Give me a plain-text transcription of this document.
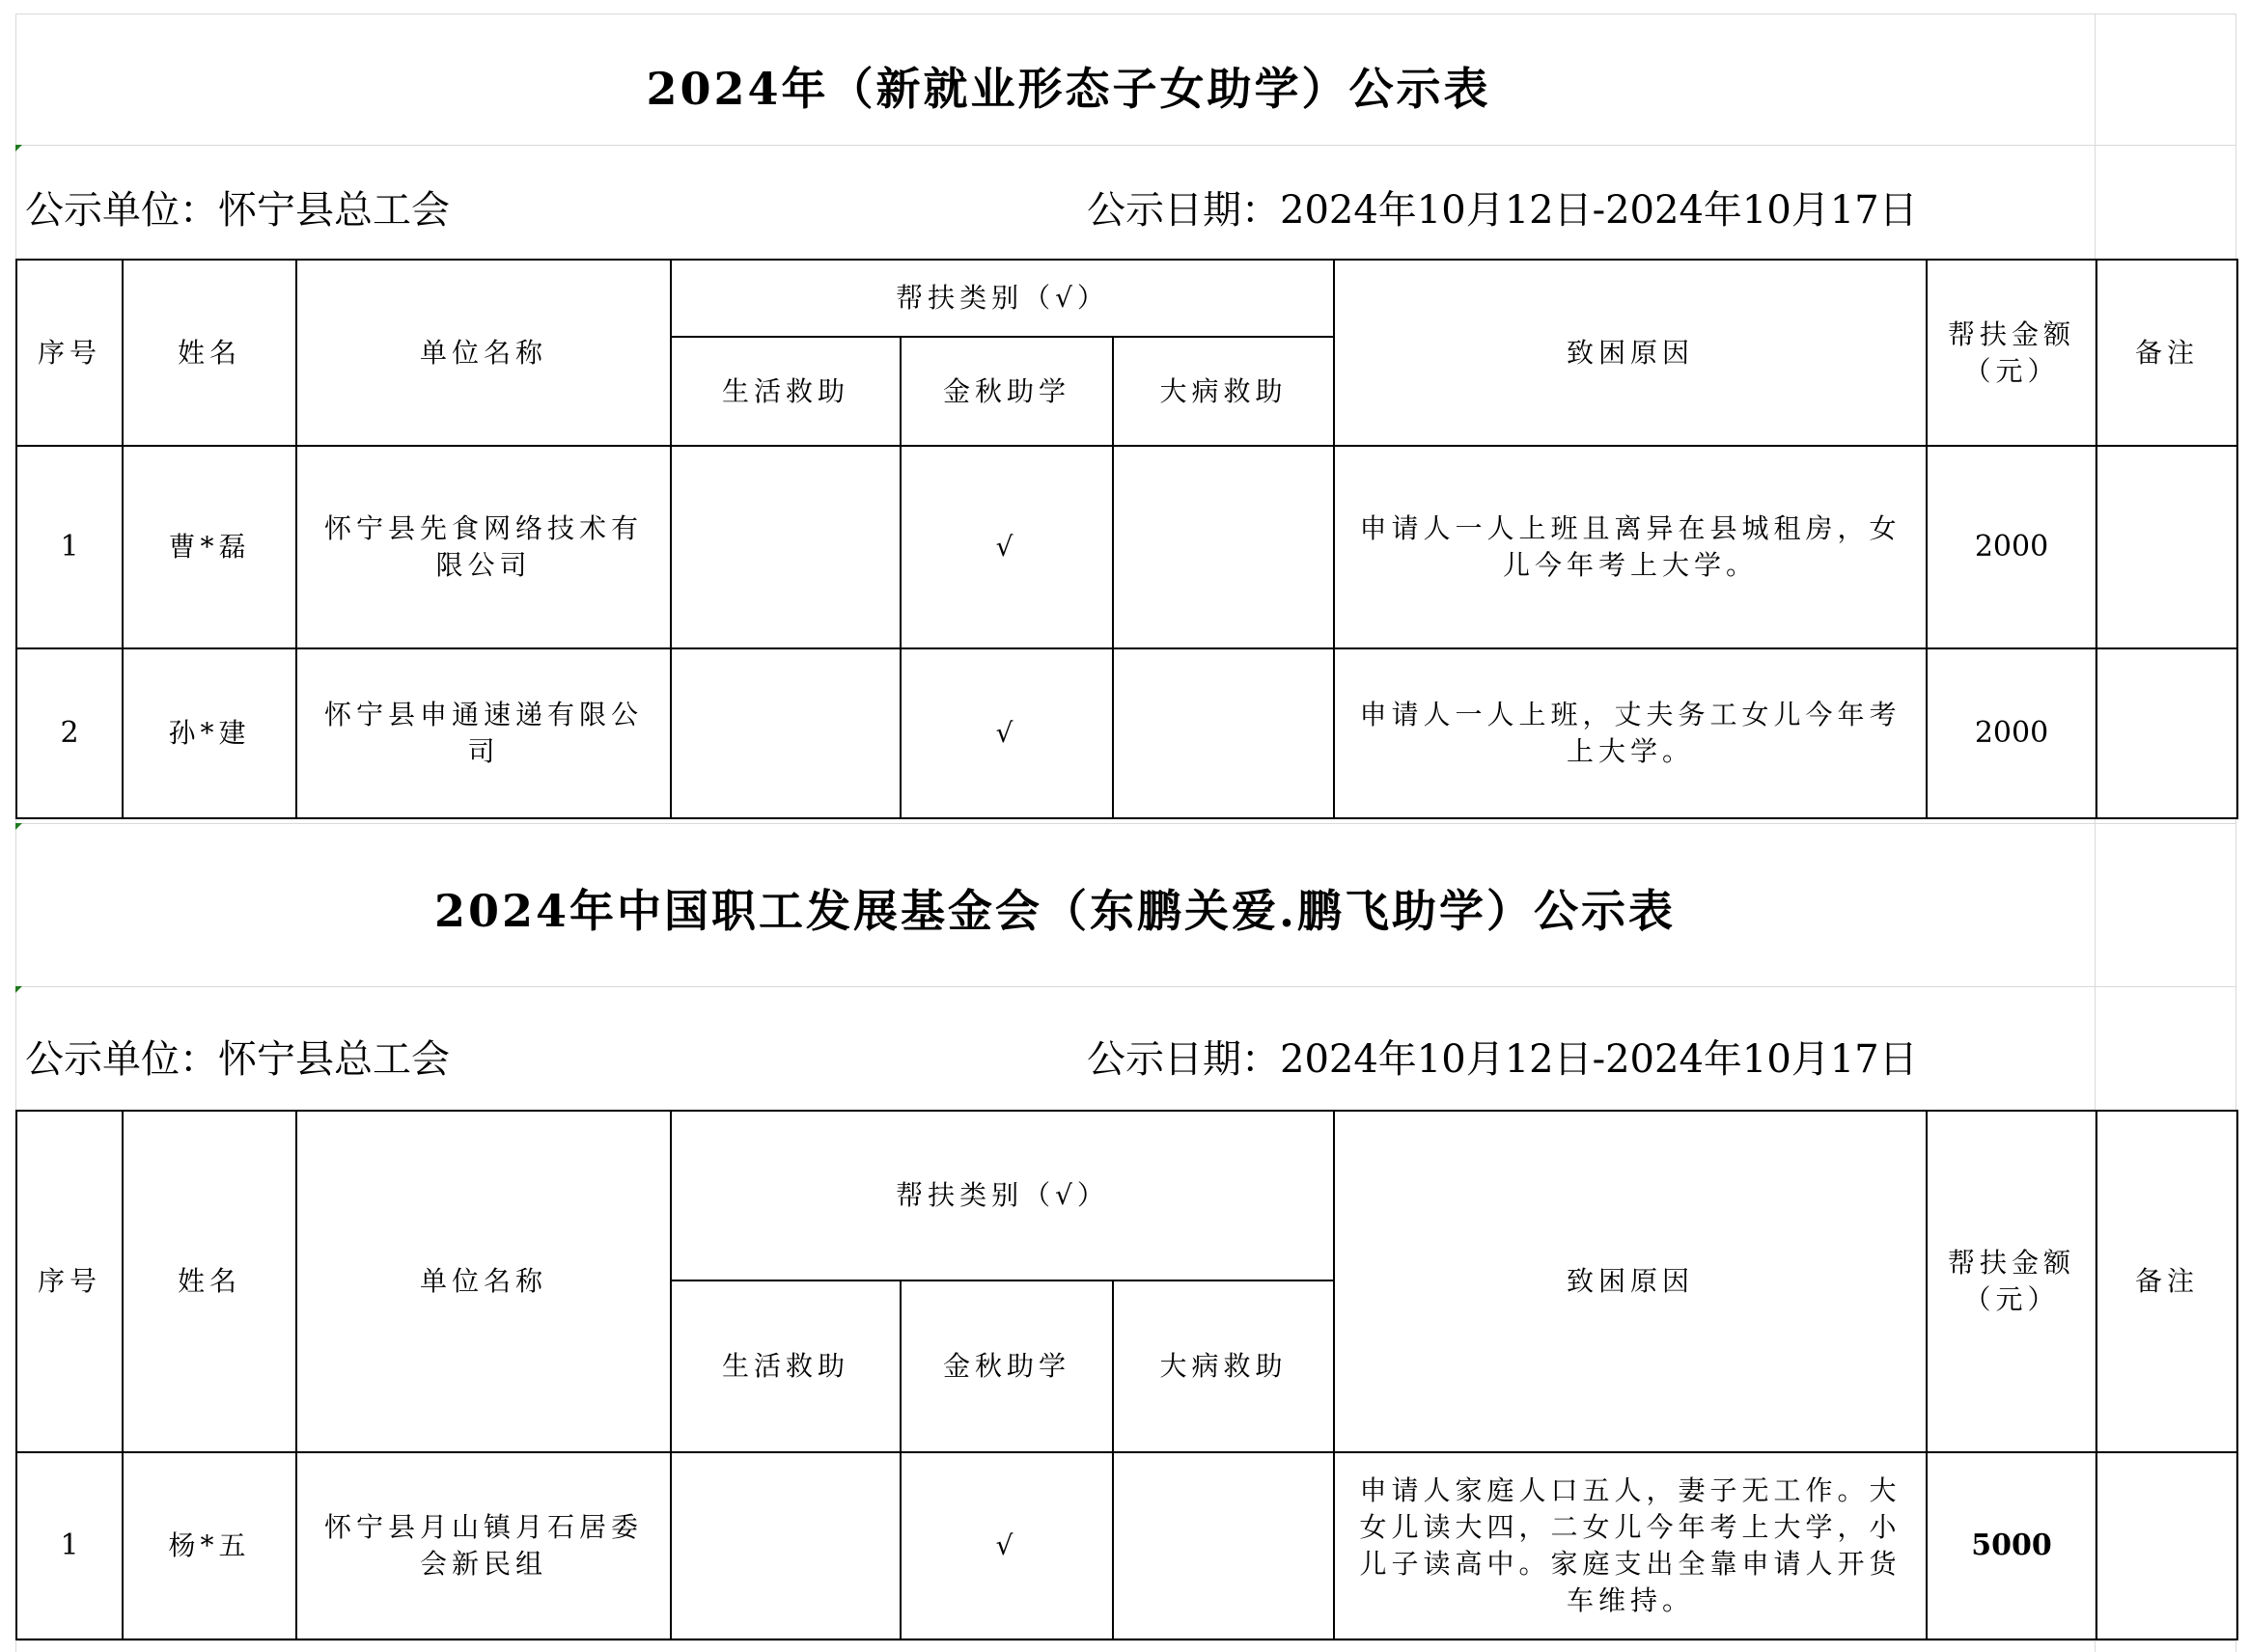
2024年（新就业形态子女助学）公示表
公示单位：怀宁县总工会	公示日期：2024年10月12日-2024年10月17日
序号	姓名	单位名称	帮扶类别（√）			致困原因	帮扶金额（元）	备注
			生活救助	金秋助学	大病救助			
1	曹*磊	怀宁县先食网络技术有限公司		√		申请人一人上班且离异在县城租房，女儿今年考上大学。	2000	
2	孙*建	怀宁县申通速递有限公司		√		申请人一人上班，丈夫务工女儿今年考上大学。	2000	
2024年中国职工发展基金会（东鹏关爱.鹏飞助学）公示表
公示单位：怀宁县总工会	公示日期：2024年10月12日-2024年10月17日
序号	姓名	单位名称	帮扶类别（√）			致困原因	帮扶金额（元）	备注
			生活救助	金秋助学	大病救助			
1	杨*五	怀宁县月山镇月石居委会新民组		√		申请人家庭人口五人，妻子无工作。大女儿读大四，二女儿今年考上大学，小儿子读高中。家庭支出全靠申请人开货车维持。	5000	
